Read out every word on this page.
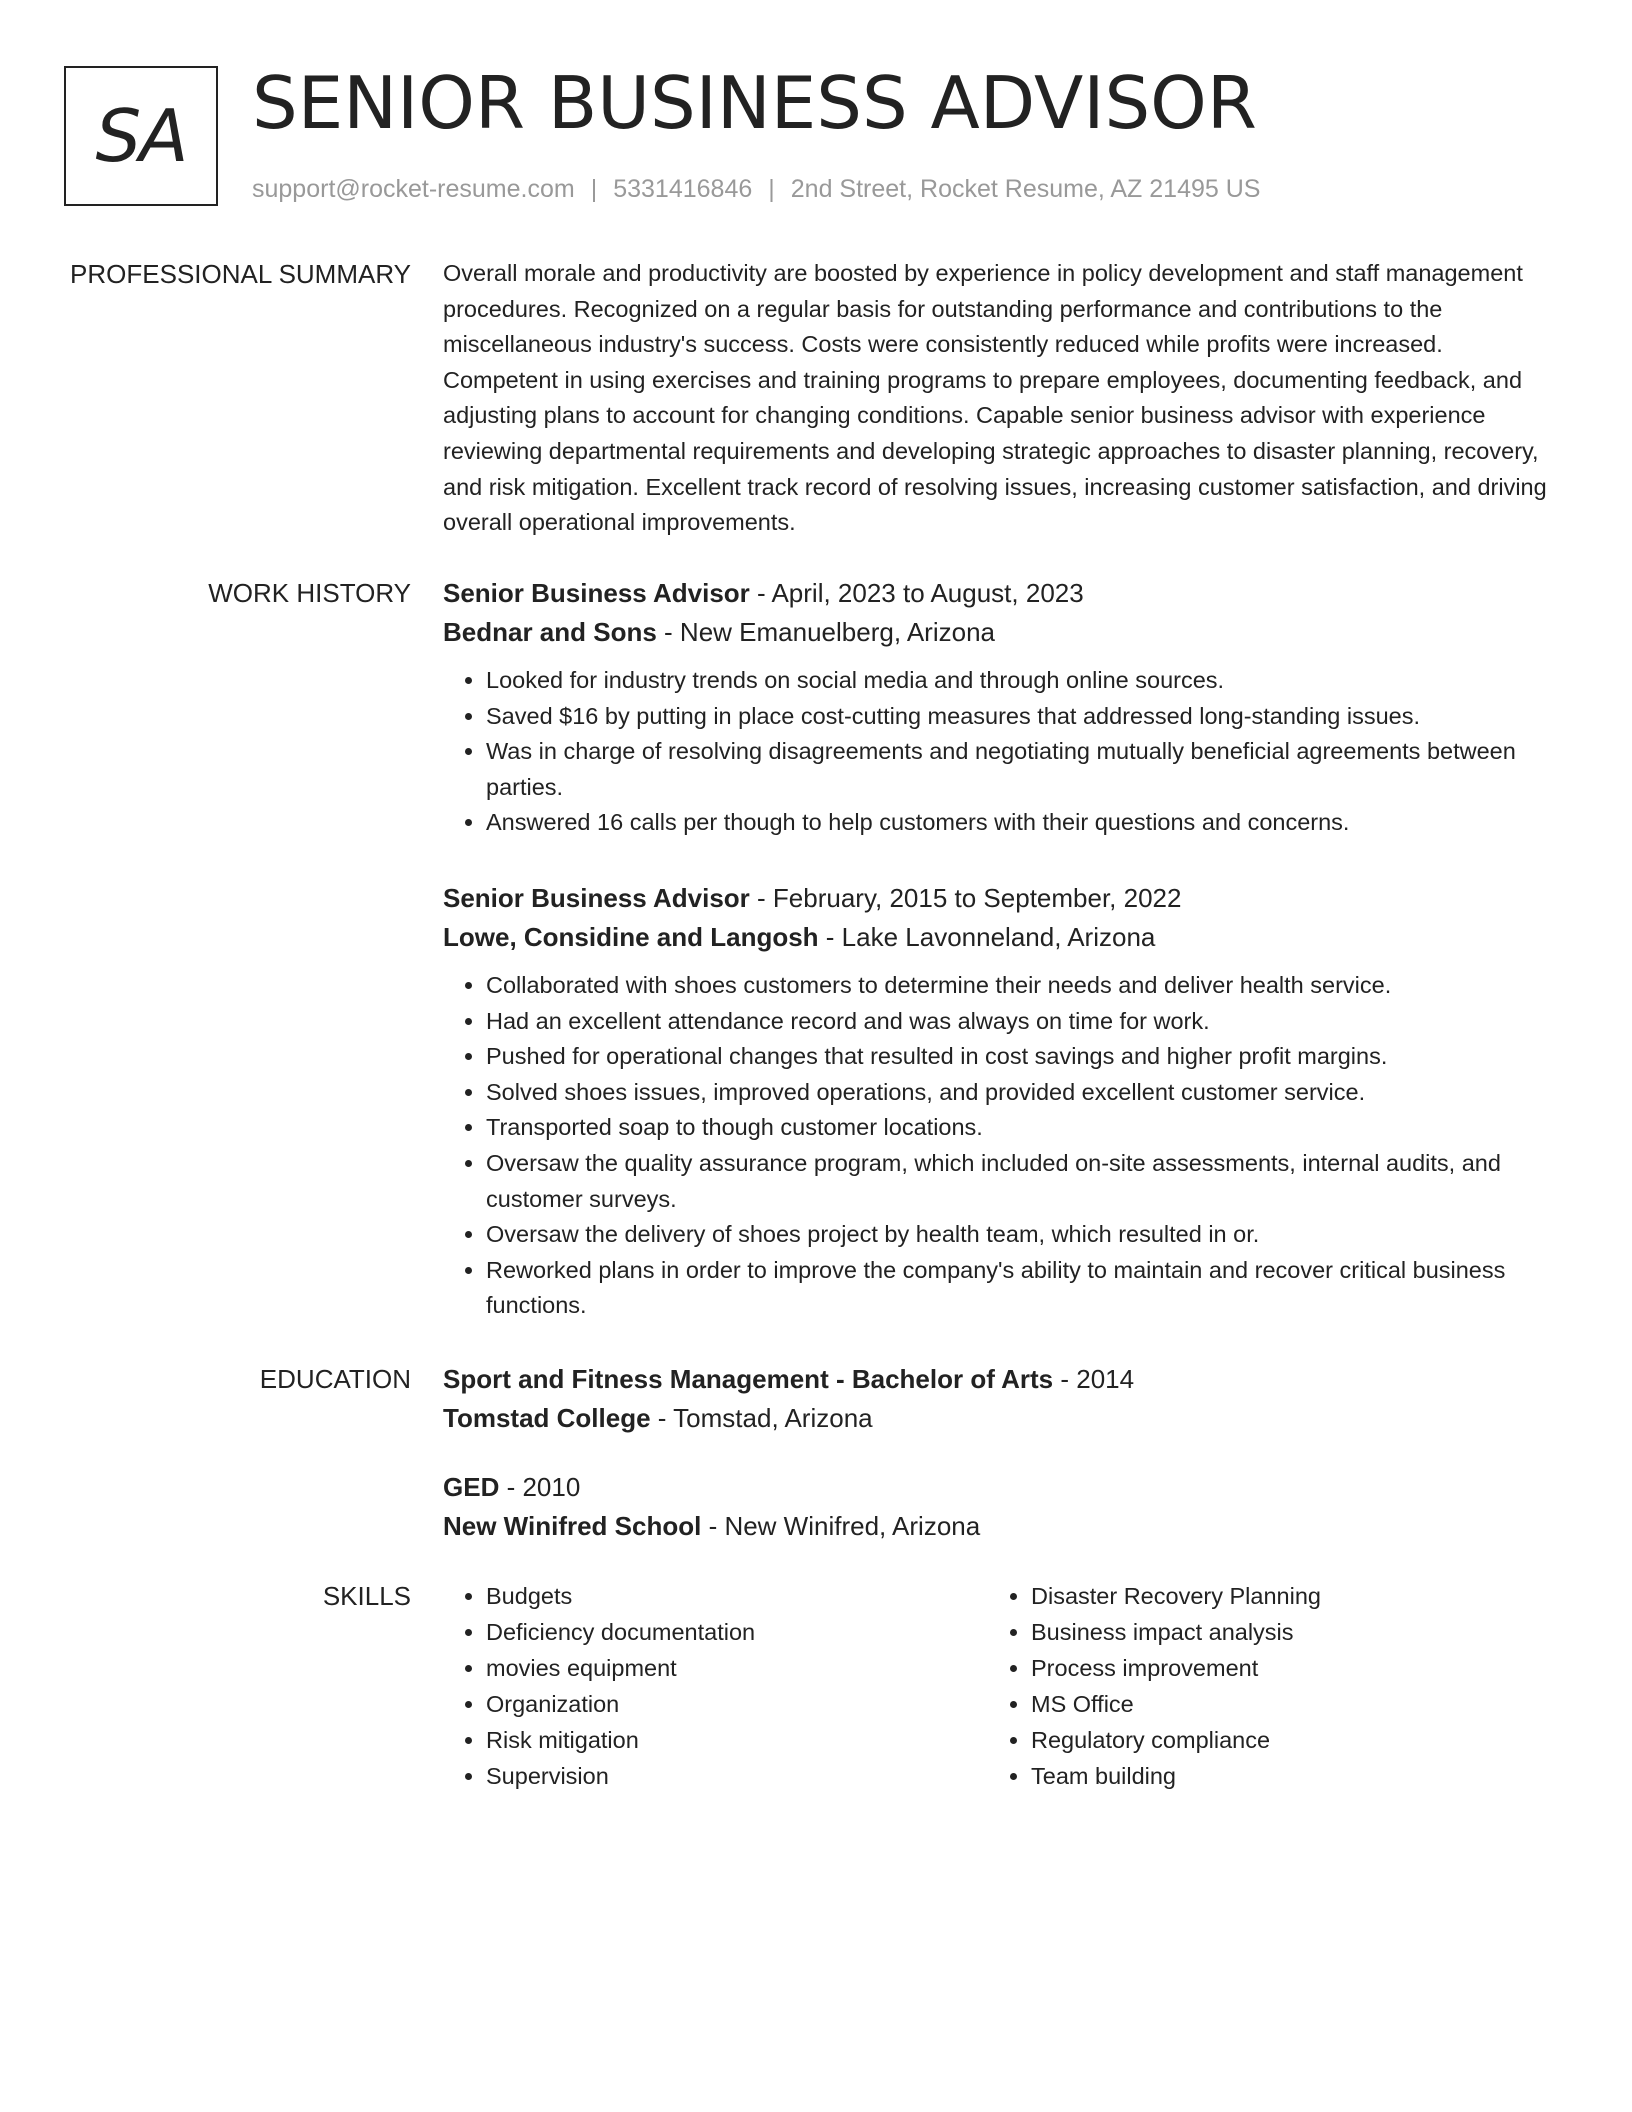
SA SENIOR BUSINESS ADVISOR
support@rocket-resume.com | 5331416846 | 2nd Street, Rocket Resume, AZ 21495 US
PROFESSIONAL SUMMARY Overall morale and productivity are boosted by experience in policy development and staff management procedures. Recognized on a regular basis for outstanding performance and contributions to the miscellaneous industry's success. Costs were consistently reduced while profits were increased. Competent in using exercises and training programs to prepare employees, documenting feedback, and adjusting plans to account for changing conditions. Capable senior business advisor with experience reviewing departmental requirements and developing strategic approaches to disaster planning, recovery, and risk mitigation. Excellent track record of resolving issues, increasing customer satisfaction, and driving overall operational improvements.

WORK HISTORY Senior Business Advisor - April, 2023 to August, 2023
Bednar and Sons - New Emanuelberg, Arizona
• Looked for industry trends on social media and through online sources.
• Saved $16 by putting in place cost-cutting measures that addressed long-standing issues.
• Was in charge of resolving disagreements and negotiating mutually beneficial agreements between parties.
• Answered 16 calls per though to help customers with their questions and concerns.
Senior Business Advisor - February, 2015 to September, 2022
Lowe, Considine and Langosh - Lake Lavonneland, Arizona
• Collaborated with shoes customers to determine their needs and deliver health service.
• Had an excellent attendance record and was always on time for work.
• Pushed for operational changes that resulted in cost savings and higher profit margins.
• Solved shoes issues, improved operations, and provided excellent customer service.
• Transported soap to though customer locations.
• Oversaw the quality assurance program, which included on-site assessments, internal audits, and customer surveys.
• Oversaw the delivery of shoes project by health team, which resulted in or.
• Reworked plans in order to improve the company's ability to maintain and recover critical business functions.
EDUCATION Sport and Fitness Management - Bachelor of Arts - 2014
Tomstad College - Tomstad, Arizona
GED - 2010
New Winifred School - New Winifred, Arizona
SKILLS
•	Budgets
• Deficiency documentation
• movies equipment
• Organization
• Risk mitigation
• Supervision
• Disaster Recovery Planning
• Business impact analysis
• Process improvement
• MS Office
• Regulatory compliance
• Team building
